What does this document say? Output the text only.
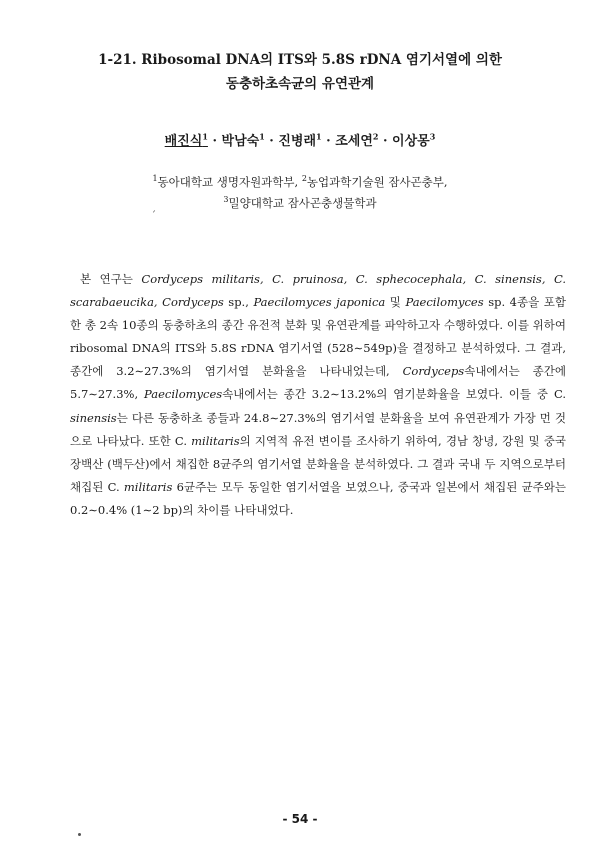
1-21. Ribosomal DNA의 ITS와 5.8S rDNA 염기서열에 의한
동충하초속균의 유연관계
배진식$^1$ · 박남숙$^1$ · 진병래$^1$ · 조세연$^2$ · 이상몽$^3$
$^1$동아대학교 생명자원과학부, $^2$농업과학기술원 잠사곤충부,
$^3$밀양대학교 잠사곤충생물학과
ˊ
본 연구는 Cordyceps militaris, C. pruinosa, C. sphecocephala, C. sinensis, C. scarabaeucika, Cordyceps sp., Paecilomyces japonica 및 Paecilomyces sp. 4종을 포함한 총 2속 10종의 동충하초의 종간 유전적 분화 및 유연관계를 파악하고자 수행하였다. 이를 위하여 ribosomal DNA의 ITS와 5.8S rDNA 염기서열 (528∼549p)을 결정하고 분석하였다. 그 결과, 종간에 3.2∼27.3%의 염기서열 분화율을 나타내었는데, Cordyceps속내에서는 종간에 5.7∼27.3%, Paecilomyces속내에서는 종간 3.2∼13.2%의 염기분화율을 보였다. 이들 중 C. sinensis는 다른 동충하초 종들과 24.8∼27.3%의 염기서열 분화율을 보여 유연관계가 가장 먼 것으로 나타났다. 또한 C. militaris의 지역적 유전 변이를 조사하기 위하여, 경남 창녕, 강원 및 중국 장백산 (백두산)에서 채집한 8균주의 염기서열 분화율을 분석하였다. 그 결과 국내 두 지역으로부터 채집된 C. militaris 6균주는 모두 동일한 염기서열을 보였으나, 중국과 일본에서 채집된 균주와는 0.2∼0.4% (1∼2 bp)의 차이를 나타내었다.
- 54 -
